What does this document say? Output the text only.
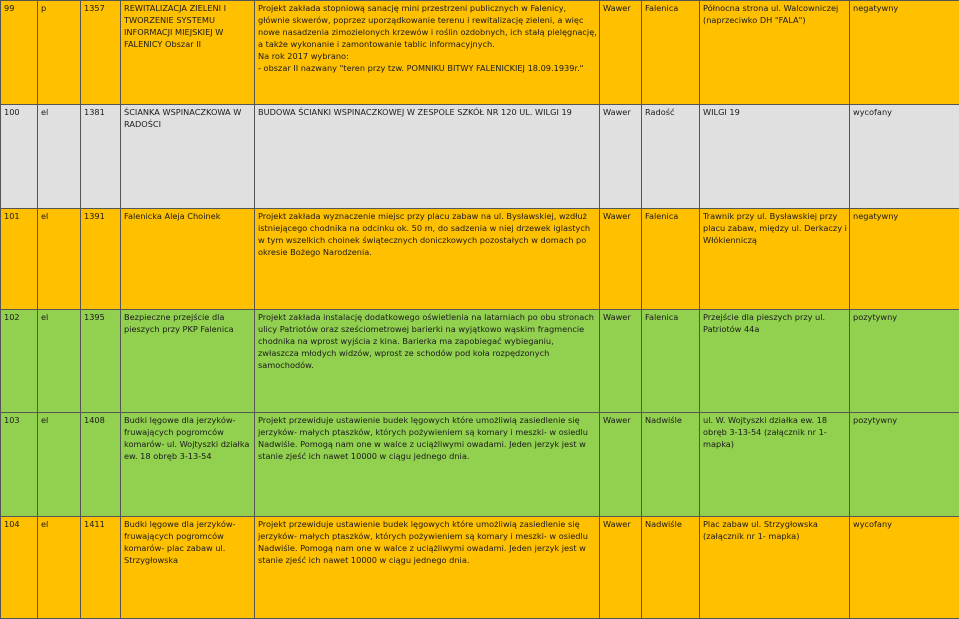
99	p	1357	REWITALIZACJA ZIELENI I TWORZENIE SYSTEMU INFORMACJI MIEJSKIEJ W FALENICY Obszar II	Projekt zakłada stopniową sanację mini przestrzeni publicznych w Falenicy, głównie skwerów, poprzez uporządkowanie terenu i rewitalizację zieleni, a więc nowe nasadzenia zimozielonych krzewów i roślin ozdobnych, ich stałą pielęgnację, a także wykonanie i zamontowanie tablic informacyjnych.
Na rok 2017 wybrano:
- obszar II nazwany "teren przy tzw. POMNIKU BITWY FALENICKIEJ 18.09.1939r."	Wawer	Falenica	Północna strona ul. Walcowniczej (naprzeciwko DH "FALA")	negatywny
100	el	1381	ŚCIANKA WSPINACZKOWA W RADOŚCI	BUDOWA ŚCIANKI WSPINACZKOWEJ W ZESPOLE SZKÓŁ NR 120 UL. WILGI 19	Wawer	Radość	WILGI 19	wycofany
101	el	1391	Falenicka Aleja Choinek	Projekt zakłada wyznaczenie miejsc przy placu zabaw na ul. Bysławskiej, wzdłuż istniejącego chodnika na odcinku ok. 50 m, do sadzenia w niej drzewek iglastych w tym wszelkich choinek świątecznych doniczkowych pozostałych w domach po okresie Bożego Narodzenia.	Wawer	Falenica	Trawnik przy ul. Bysławskiej przy placu zabaw, między ul. Derkaczy i Włókienniczą	negatywny
102	el	1395	Bezpieczne przejście dla pieszych przy PKP Falenica	Projekt zakłada instalację dodatkowego oświetlenia na latarniach po obu stronach ulicy Patriotów oraz sześciometrowej barierki na wyjątkowo wąskim fragmencie chodnika na wprost wyjścia z kina. Barierka ma zapobiegać wybieganiu, zwłaszcza młodych widzów, wprost ze schodów pod koła rozpędzonych samochodów.	Wawer	Falenica	Przejście dla pieszych przy ul. Patriotów 44a	pozytywny
103	el	1408	Budki lęgowe dla jerzyków- fruwających pogromców komarów- ul. Wojtyszki działka ew. 18 obręb 3-13-54	Projekt przewiduje ustawienie budek lęgowych które umożliwią zasiedlenie się jerzyków- małych ptaszków, których pożywieniem są komary i meszki- w osiedlu Nadwiśle. Pomogą nam one w walce z uciążliwymi owadami. Jeden jerzyk jest w stanie zjeść ich nawet 10000 w ciągu jednego dnia.	Wawer	Nadwiśle	ul. W. Wojtyszki działka ew. 18 obręb 3-13-54 (załącznik nr 1- mapka)	pozytywny
104	el	1411	Budki lęgowe dla jerzyków- fruwających pogromców komarów- plac zabaw ul. Strzygłowska	Projekt przewiduje ustawienie budek lęgowych które umożliwią zasiedlenie się jerzyków- małych ptaszków, których pożywieniem są komary i meszki- w osiedlu Nadwiśle. Pomogą nam one w walce z uciążliwymi owadami. Jeden jerzyk jest w stanie zjeść ich nawet 10000 w ciągu jednego dnia.	Wawer	Nadwiśle	Plac zabaw ul. Strzygłowska (załącznik nr 1- mapka)	wycofany
